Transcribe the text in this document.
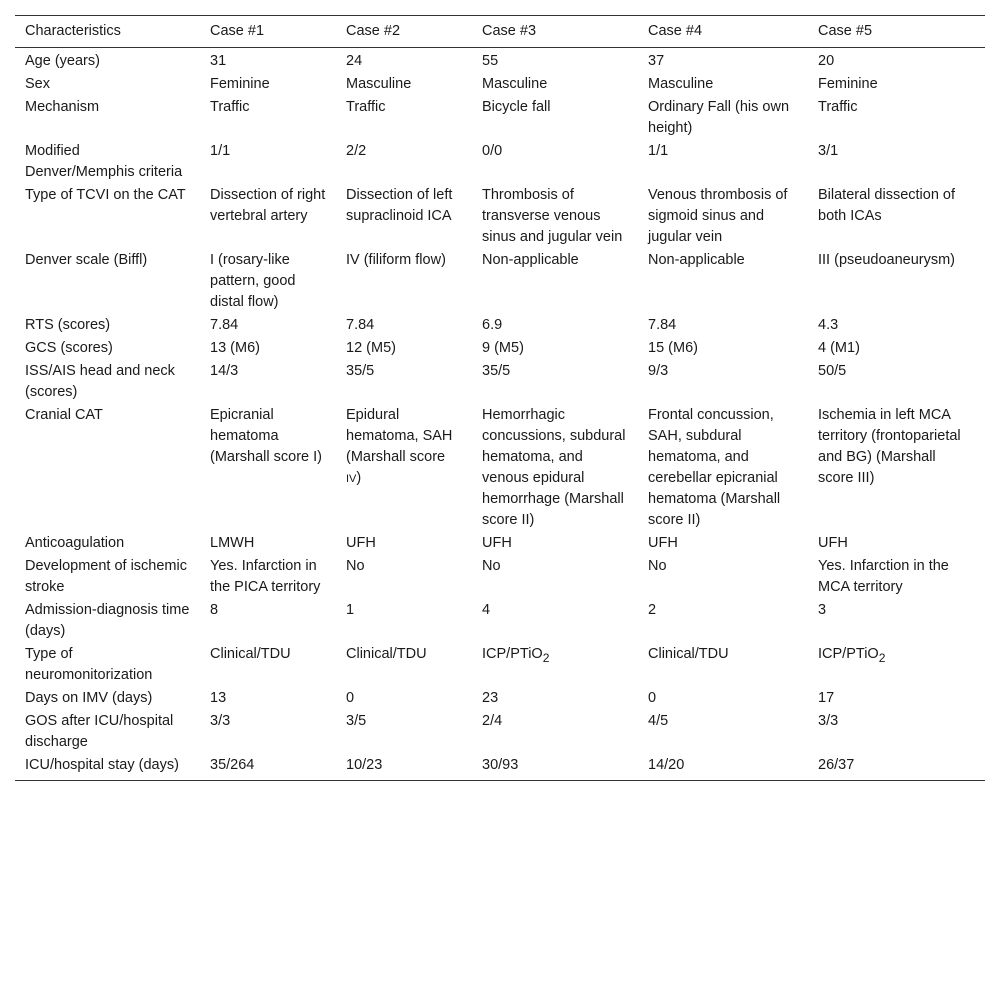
Characteristics	Case #1	Case #2	Case #3	Case #4	Case #5
Age (years)	31	24	55	37	20
Sex	Feminine	Masculine	Masculine	Masculine	Feminine
Mechanism	Traffic	Traffic	Bicycle fall	Ordinary Fall (his own height)	Traffic
Modified Denver/Memphis criteria	1/1	2/2	0/0	1/1	3/1
Type of TCVI on the CAT	Dissection of right vertebral artery	Dissection of left supraclinoid ICA	Thrombosis of transverse venous sinus and jugular vein	Venous thrombosis of sigmoid sinus and jugular vein	Bilateral dissection of both ICAs
Denver scale (Biffl)	I (rosary-like pattern, good distal flow)	IV (filiform flow)	Non-applicable	Non-applicable	III (pseudoaneurysm)
RTS (scores)	7.84	7.84	6.9	7.84	4.3
GCS (scores)	13 (M6)	12 (M5)	9 (M5)	15 (M6)	4 (M1)
ISS/AIS head and neck (scores)	14/3	35/5	35/5	9/3	50/5
Cranial CAT	Epicranial hematoma (Marshall score I)	Epidural hematoma, SAH (Marshall score IV)	Hemorrhagic concussions, subdural hematoma, and venous epidural hemorrhage (Marshall score II)	Frontal concussion, SAH, subdural hematoma, and cerebellar epicranial hematoma (Marshall score II)	Ischemia in left MCA territory (frontoparietal and BG) (Marshall score III)
Anticoagulation	LMWH	UFH	UFH	UFH	UFH
Development of ischemic stroke	Yes. Infarction in the PICA territory	No	No	No	Yes. Infarction in the MCA territory
Admission-diagnosis time (days)	8	1	4	2	3
Type of neuromonitorization	Clinical/TDU	Clinical/TDU	ICP/PTiO$_2$	Clinical/TDU	ICP/PTiO$_2$
Days on IMV (days)	13	0	23	0	17
GOS after ICU/hospital discharge	3/3	3/5	2/4	4/5	3/3
ICU/hospital stay (days)	35/264	10/23	30/93	14/20	26/37
